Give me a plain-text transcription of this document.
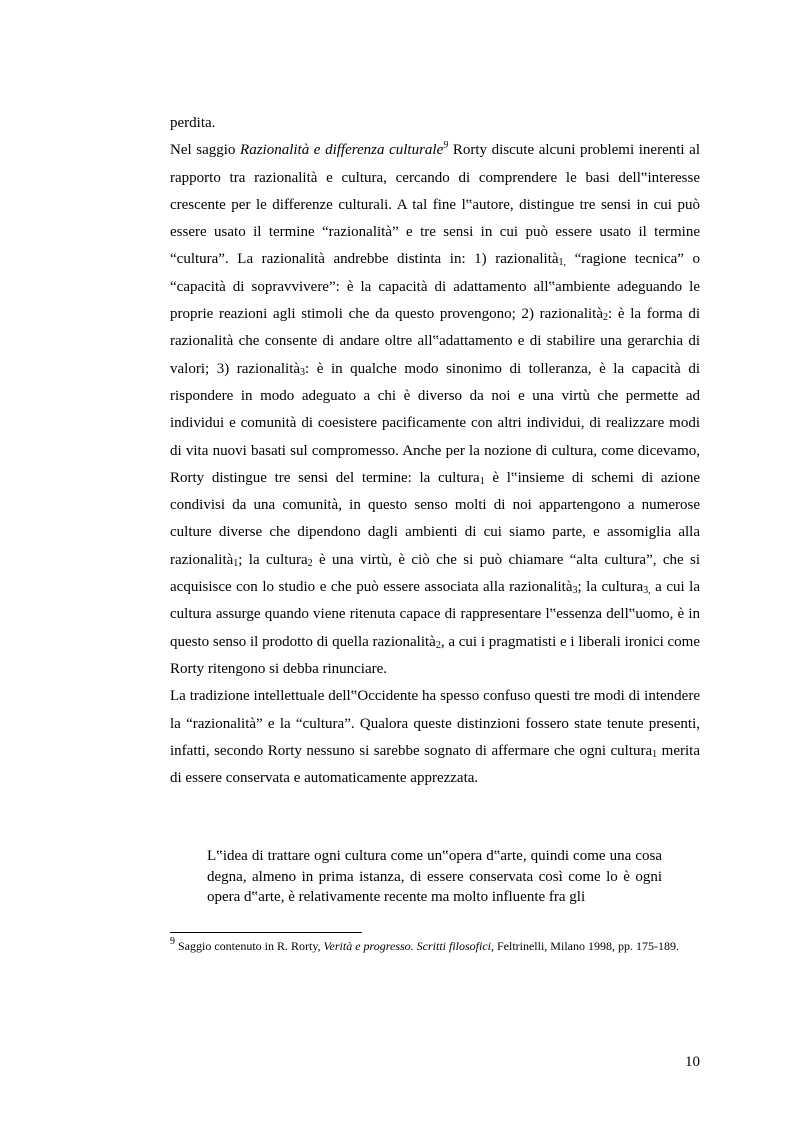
perdita.

Nel saggio Razionalità e differenza culturale$^9$ Rorty discute alcuni problemi inerenti al rapporto tra razionalità e cultura, cercando di comprendere le basi dell‟interesse crescente per le differenze culturali. A tal fine l‟autore, distingue tre sensi in cui può essere usato il termine “razionalità” e tre sensi in cui può essere usato il termine “cultura”. La razionalità andrebbe distinta in: 1) razionalità$_{1,}$ “ragione tecnica” o “capacità di sopravvivere”: è la capacità di adattamento all‟ambiente adeguando le proprie reazioni agli stimoli che da questo provengono; 2) razionalità$_2$: è la forma di razionalità che consente di andare oltre all‟adattamento e di stabilire una gerarchia di valori; 3) razionalità$_3$: è in qualche modo sinonimo di tolleranza, è la capacità di rispondere in modo adeguato a chi è diverso da noi e una virtù che permette ad individui e comunità di coesistere pacificamente con altri individui, di realizzare modi di vita nuovi basati sul compromesso. Anche per la nozione di cultura, come dicevamo, Rorty distingue tre sensi del termine: la cultura$_1$ è l‟insieme di schemi di azione condivisi da una comunità, in questo senso molti di noi appartengono a numerose culture diverse che dipendono dagli ambienti di cui siamo parte, e assomiglia alla razionalità$_1$; la cultura$_2$ è una virtù, è ciò che si può chiamare “alta cultura”, che si acquisisce con lo studio e che può essere associata alla razionalità$_3$; la cultura$_{3,}$ a cui la cultura assurge quando viene ritenuta capace di rappresentare l‟essenza dell‟uomo, è in questo senso il prodotto di quella razionalità$_2$, a cui i pragmatisti e i liberali ironici come Rorty ritengono si debba rinunciare.

La tradizione intellettuale dell‟Occidente ha spesso confuso questi tre modi di intendere la “razionalità” e la “cultura”. Qualora queste distinzioni fossero state tenute presenti, infatti, secondo Rorty nessuno si sarebbe sognato di affermare che ogni cultura$_1$ merita di essere conservata e automaticamente apprezzata.

L‟idea di trattare ogni cultura come un‟opera d‟arte, quindi come una cosa degna, almeno in prima istanza, di essere conservata così come lo è ogni opera d‟arte, è relativamente recente ma molto influente fra gli

$^9$ Saggio contenuto in R. Rorty, Verità e progresso. Scritti filosofici, Feltrinelli, Milano 1998, pp. 175-189.

10
